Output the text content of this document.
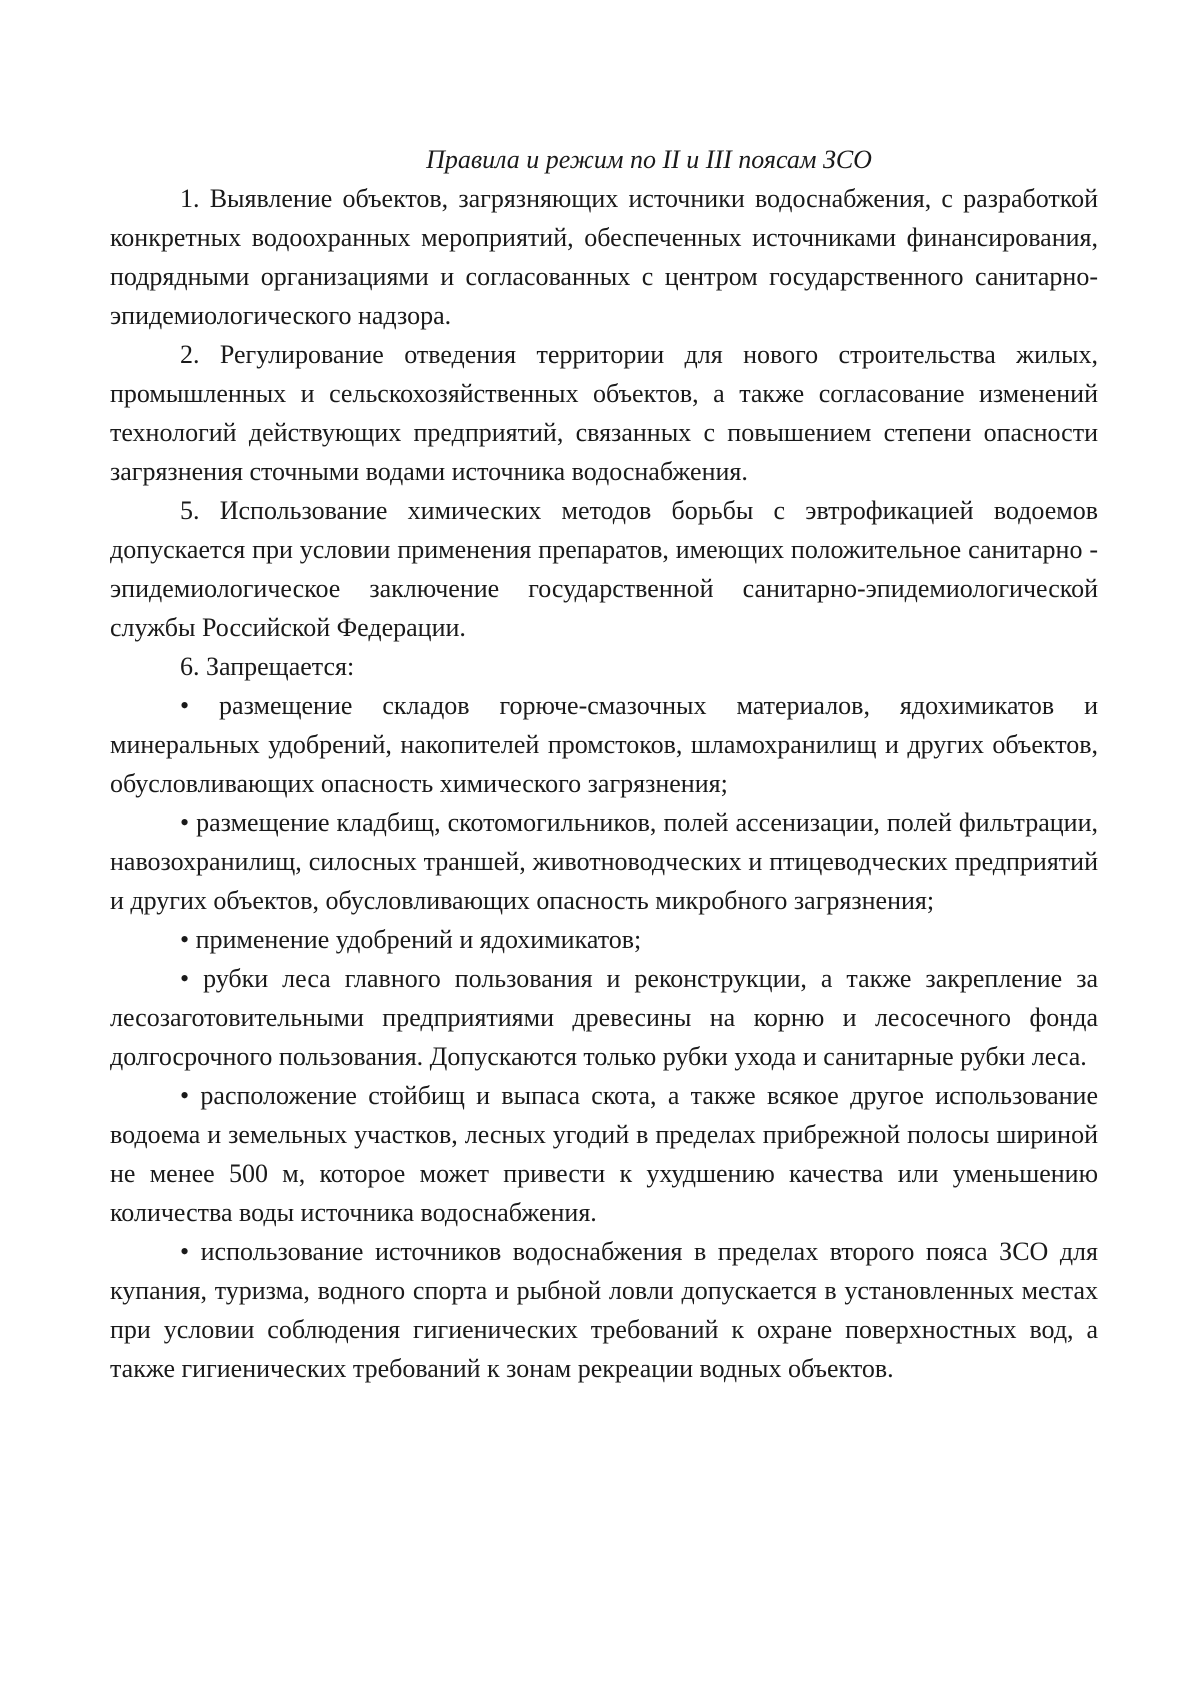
Правила и режим по II и III поясам ЗСО

1. Выявление объектов, загрязняющих источники водоснабжения, с разработкой конкретных водоохранных мероприятий, обеспеченных источниками финансирования, подрядными организациями и согласованных с центром государственного санитарно-эпидемиологического надзора.

2. Регулирование отведения территории для нового строительства жилых, промышленных и сельскохозяйственных объектов, а также согласование изменений технологий действующих предприятий, связанных с повышением степени опасности загрязнения сточными водами источника водоснабжения.

5. Использование химических методов борьбы с эвтрофикацией водоемов допускается при условии применения препаратов, имеющих положительное санитарно - эпидемиологическое заключение государственной санитарно-эпидемиологической службы Российской Федерации.

6. Запрещается:

• размещение складов горюче-смазочных материалов, ядохимикатов и минеральных удобрений, накопителей промстоков, шламохранилищ и других объектов, обусловливающих опасность химического загрязнения;

• размещение кладбищ, скотомогильников, полей ассенизации, полей фильтрации, навозохранилищ, силосных траншей, животноводческих и птицеводческих предприятий и других объектов, обусловливающих опасность микробного загрязнения;

• применение удобрений и ядохимикатов;

• рубки леса главного пользования и реконструкции, а также закрепление за лесозаготовительными предприятиями древесины на корню и лесосечного фонда долгосрочного пользования. Допускаются только рубки ухода и санитарные рубки леса.

• расположение стойбищ и выпаса скота, а также всякое другое использование водоема и земельных участков, лесных угодий в пределах прибрежной полосы шириной не менее 500 м, которое может привести к ухудшению качества или уменьшению количества воды источника водоснабжения.

• использование источников водоснабжения в пределах второго пояса ЗСО для купания, туризма, водного спорта и рыбной ловли допускается в установленных местах при условии соблюдения гигиенических требований к охране поверхностных вод, а также гигиенических требований к зонам рекреации водных объектов.
